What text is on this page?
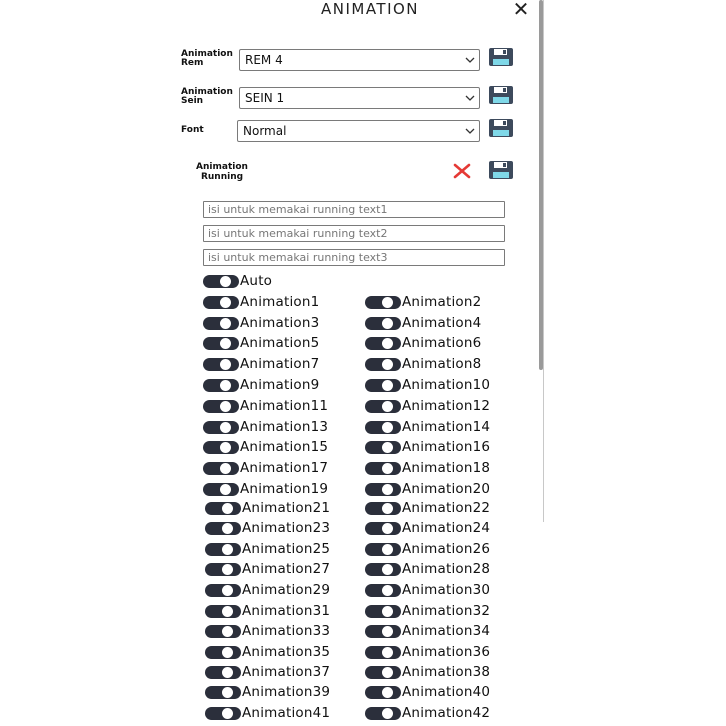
ANIMATION	✕
Animation Rem	REM 4
Animation Sein	SEIN 1
Font	Normal
Animation Running
isi untuk memakai running text1
isi untuk memakai running text2
isi untuk memakai running text3
Auto
Animation1	Animation2
Animation3	Animation4
Animation5	Animation6
Animation7	Animation8
Animation9	Animation10
Animation11	Animation12
Animation13	Animation14
Animation15	Animation16
Animation17	Animation18
Animation19	Animation20
Animation21	Animation22
Animation23	Animation24
Animation25	Animation26
Animation27	Animation28
Animation29	Animation30
Animation31	Animation32
Animation33	Animation34
Animation35	Animation36
Animation37	Animation38
Animation39	Animation40
Animation41	Animation42
